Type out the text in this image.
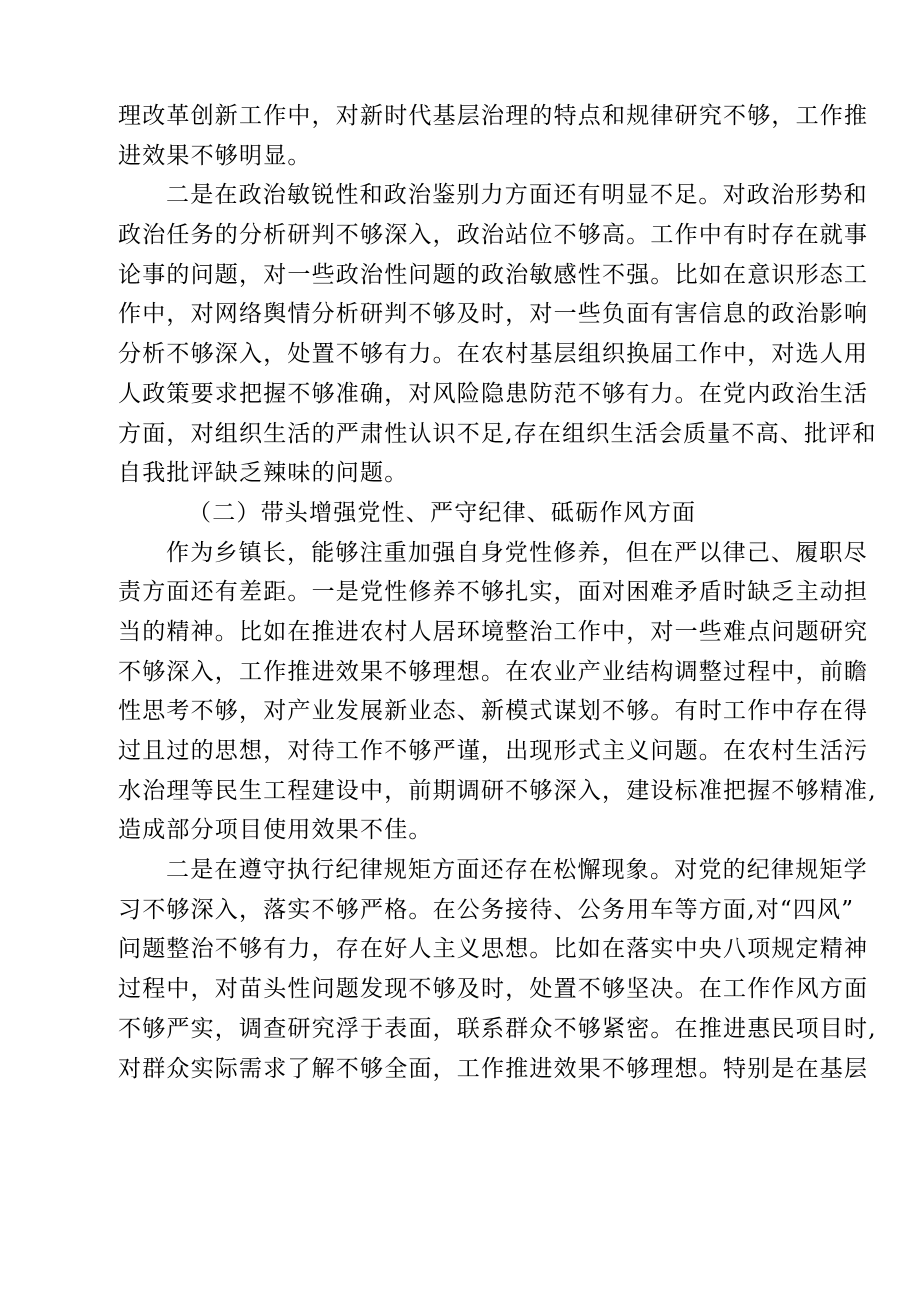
理改革创新工作中，对新时代基层治理的特点和规律研究不够，工作推
进效果不够明显。
二是在政治敏锐性和政治鉴别力方面还有明显不足。对政治形势和
政治任务的分析研判不够深入，政治站位不够高。工作中有时存在就事
论事的问题，对一些政治性问题的政治敏感性不强。比如在意识形态工
作中，对网络舆情分析研判不够及时，对一些负面有害信息的政治影响
分析不够深入，处置不够有力。在农村基层组织换届工作中，对选人用
人政策要求把握不够准确，对风险隐患防范不够有力。在党内政治生活
方面，对组织生活的严肃性认识不足,存在组织生活会质量不高、批评和
自我批评缺乏辣味的问题。
（二）带头增强党性、严守纪律、砥砺作风方面
作为乡镇长，能够注重加强自身党性修养，但在严以律己、履职尽
责方面还有差距。一是党性修养不够扎实，面对困难矛盾时缺乏主动担
当的精神。比如在推进农村人居环境整治工作中，对一些难点问题研究
不够深入，工作推进效果不够理想。在农业产业结构调整过程中，前瞻
性思考不够，对产业发展新业态、新模式谋划不够。有时工作中存在得
过且过的思想，对待工作不够严谨，出现形式主义问题。在农村生活污
水治理等民生工程建设中，前期调研不够深入，建设标准把握不够精准,
造成部分项目使用效果不佳。
二是在遵守执行纪律规矩方面还存在松懈现象。对党的纪律规矩学
习不够深入，落实不够严格。在公务接待、公务用车等方面,对“四风”
问题整治不够有力，存在好人主义思想。比如在落实中央八项规定精神
过程中，对苗头性问题发现不够及时，处置不够坚决。在工作作风方面
不够严实，调查研究浮于表面，联系群众不够紧密。在推进惠民项目时,
对群众实际需求了解不够全面，工作推进效果不够理想。特别是在基层
